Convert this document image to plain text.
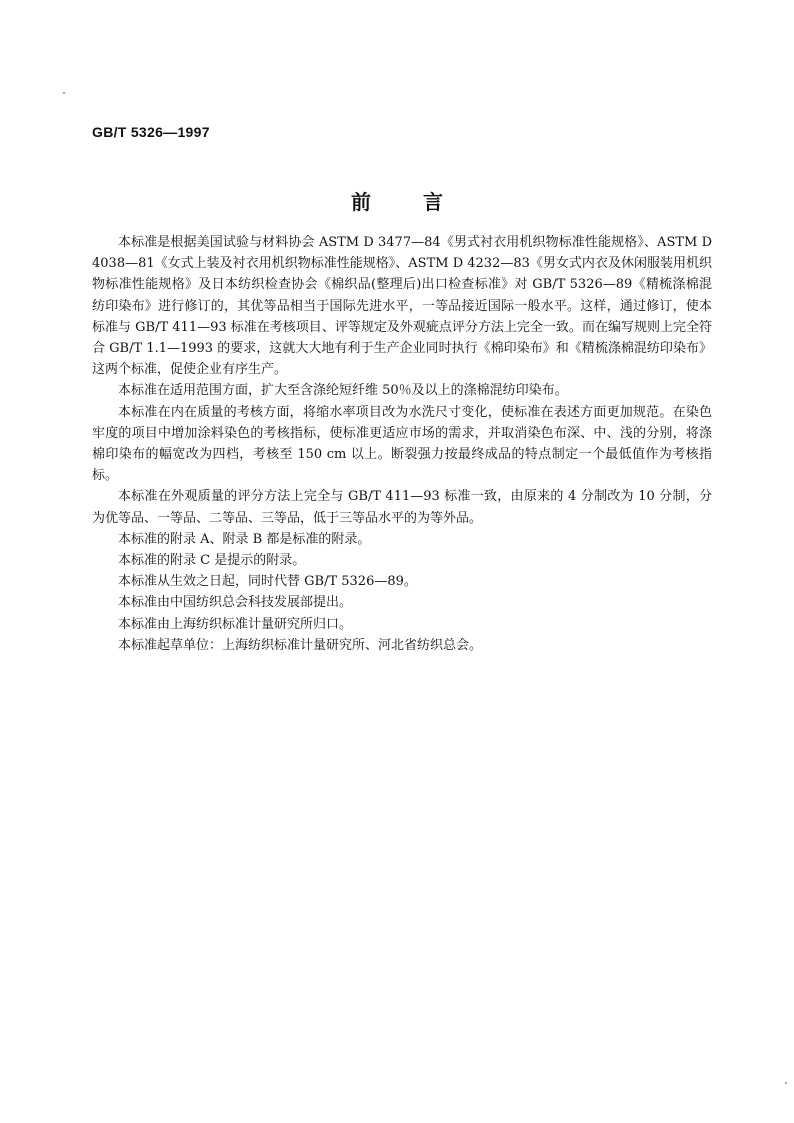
GB/T 5326—1997
前言

本标准是根据美国试验与材料协会 ASTM D 3477—84《男式衬衣用机织物标准性能规格》、ASTM D 4038—81《女式上装及衬衣用机织物标准性能规格》、ASTM D 4232—83《男女式内衣及休闲服装用机织物标准性能规格》及日本纺织检查协会《棉织品(整理后)出口检查标准》对 GB/T 5326—89《精梳涤棉混纺印染布》进行修订的，其优等品相当于国际先进水平，一等品接近国际一般水平。这样，通过修订，使本标准与 GB/T 411—93 标准在考核项目、评等规定及外观疵点评分方法上完全一致。而在编写规则上完全符合 GB/T 1.1—1993 的要求，这就大大地有利于生产企业同时执行《棉印染布》和《精梳涤棉混纺印染布》这两个标准，促使企业有序生产。

本标准在适用范围方面，扩大至含涤纶短纤维 50％及以上的涤棉混纺印染布。

本标准在内在质量的考核方面，将缩水率项目改为水洗尺寸变化，使标准在表述方面更加规范。在染色牢度的项目中增加涂料染色的考核指标，使标准更适应市场的需求，并取消染色布深、中、浅的分别，将涤棉印染布的幅宽改为四档，考核至 150 cm 以上。断裂强力按最终成品的特点制定一个最低值作为考核指标。

本标准在外观质量的评分方法上完全与 GB/T 411—93 标准一致，由原来的 4 分制改为 10 分制，分为优等品、一等品、二等品、三等品，低于三等品水平的为等外品。

本标准的附录 A、附录 B 都是标准的附录。

本标准的附录 C 是提示的附录。

本标准从生效之日起，同时代替 GB/T 5326—89。

本标准由中国纺织总会科技发展部提出。

本标准由上海纺织标准计量研究所归口。

本标准起草单位：上海纺织标准计量研究所、河北省纺织总会。
